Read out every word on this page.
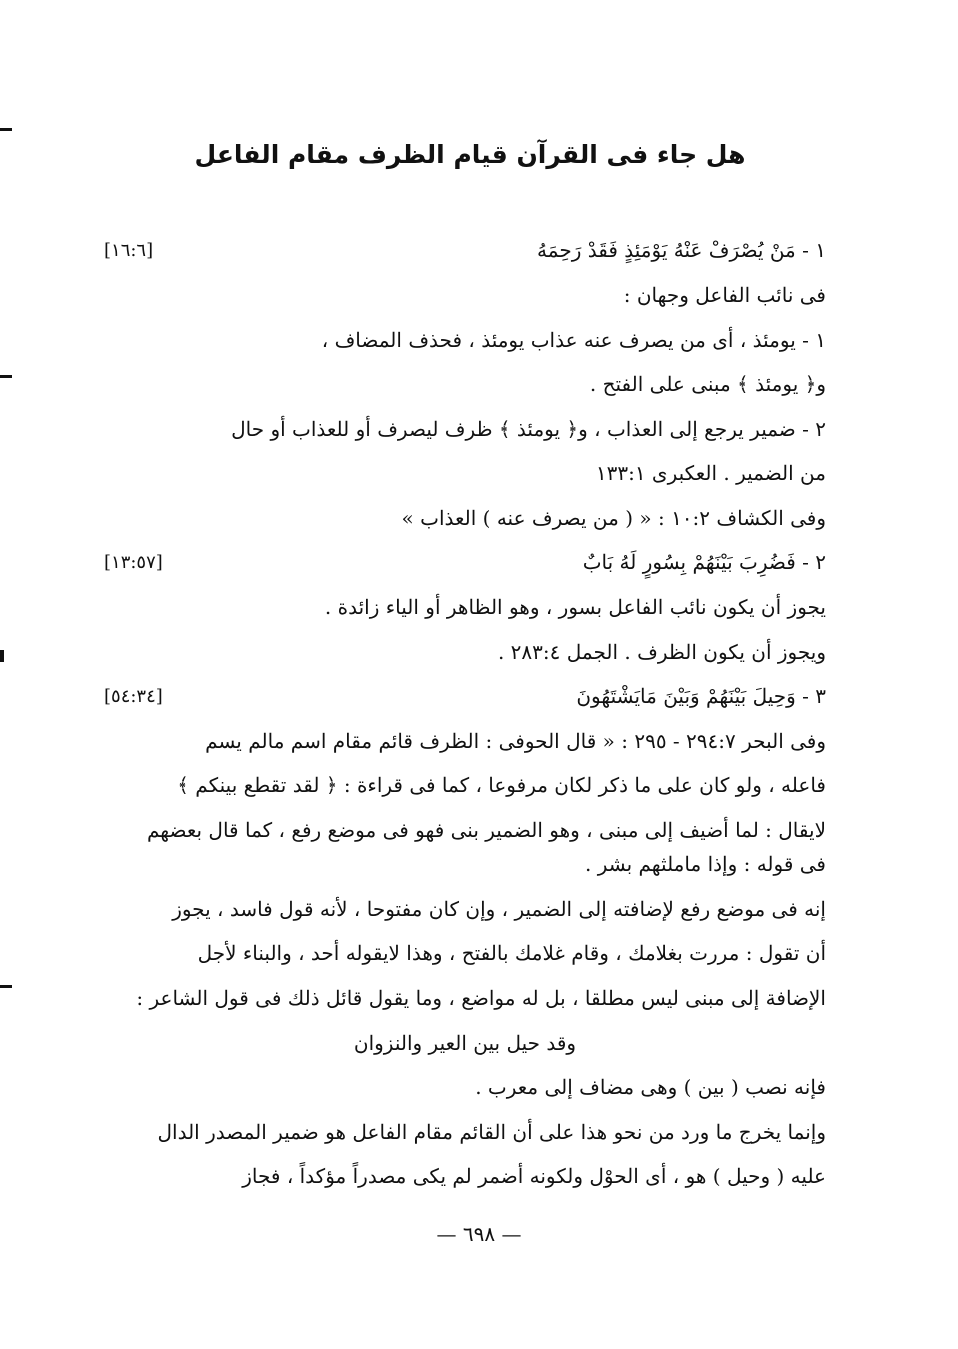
هل جاء فى القرآن قيام الظرف مقام الفاعل
١ - مَنْ يُصْرَفْ عَنْهُ يَوْمَئِذٍ فَقَدْ رَحِمَهُ
[١٦:٦]
فى نائب الفاعل وجهان :
١ - يومئذ ، أى من يصرف عنه عذاب يومئذ ، فحذف المضاف ،
و﴿ يومئذ ﴾ مبنى على الفتح .
٢ - ضمير يرجع إلى العذاب ، و﴿ يومئذ ﴾ ظرف ليصرف أو للعذاب أو حال
من الضمير . العكبرى ١٣٣:١
وفى الكشاف ١٠:٢ : « ( من يصرف عنه ) العذاب »
٢ - فَضُرِبَ بَيْنَهُمْ بِسُورٍ لَهُ بَابٌ
[١٣:٥٧]
يجوز أن يكون نائب الفاعل بسور ، وهو الظاهر أو الياء زائدة .
ويجوز أن يكون الظرف . الجمل ٢٨٣:٤ .
٣ - وَحِيلَ بَيْنَهُمْ وَبَيْنَ مَايَشْتَهُونَ
[٥٤:٣٤]
وفى البحر ٢٩٤:٧ - ٢٩٥ : « قال الحوفى : الظرف قائم مقام اسم مالم يسم
فاعله ، ولو كان على ما ذكر لكان مرفوعا ، كما فى قراءة : ﴿ لقد تقطع بينكم ﴾
لايقال : لما أضيف إلى مبنى ، وهو الضمير بنى فهو فى موضع رفع ، كما قال بعضهم
فى قوله : وإذا ماملثهم بشر .
إنه فى موضع رفع لإضافته إلى الضمير ، وإن كان مفتوحا ، لأنه قول فاسد ، يجوز
أن تقول : مررت بغلامك ، وقام غلامك بالفتح ، وهذا لايقوله أحد ، والبناء لأجل
الإضافة إلى مبنى ليس مطلقا ، بل له مواضع ، وما يقول قائل ذلك فى قول الشاعر :
وقد حيل بين العير والنزوان
فإنه نصب ( بين ) وهى مضاف إلى معرب .
وإنما يخرج ما ورد من نحو هذا على أن القائم مقام الفاعل هو ضمير المصدر الدال
عليه ( وحيل ) هو ، أى الحوْل ولكونه أضمر لم يكى مصدراً مؤكداً ، فجاز
— ٦٩٨ —
